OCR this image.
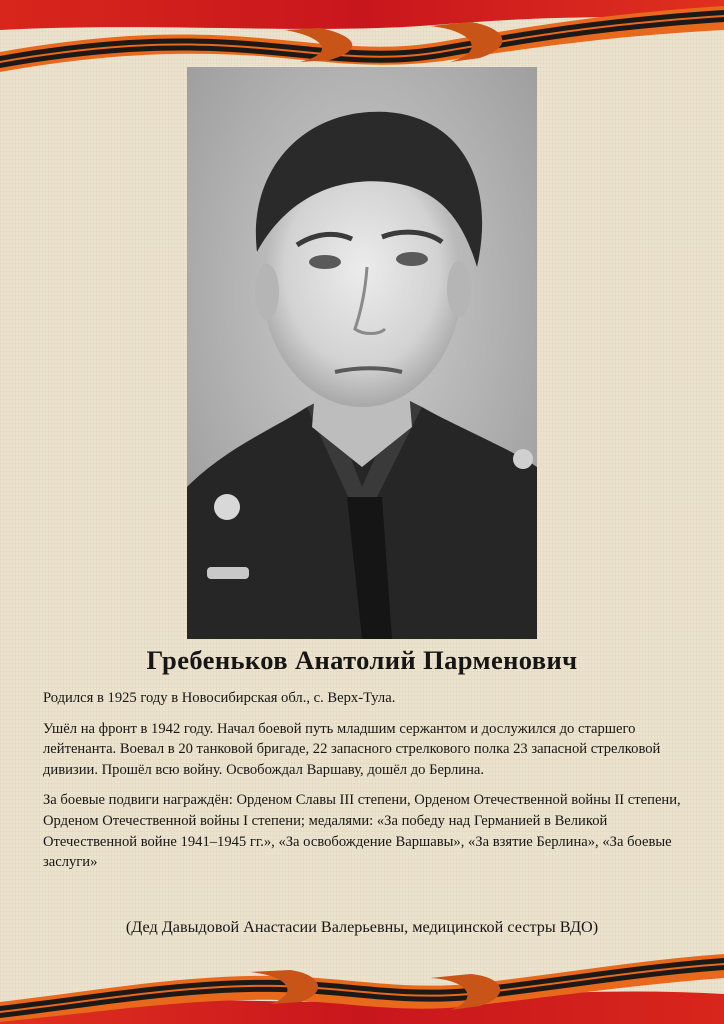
Гребеньков Анатолий Парменович

Родился в 1925 году в Новосибирская обл., с. Верх-Тула.

Ушёл на фронт в 1942 году. Начал боевой путь младшим сержантом и дослужился до старшего лейтенанта. Воевал в 20 танковой бригаде, 22 запасного стрелкового полка 23 запасной стрелковой дивизии. Прошёл всю войну. Освобождал Варшаву, дошёл до Берлина.

За боевые подвиги награждён: Орденом Славы III степени, Орденом Отечественной войны II степени, Орденом Отечественной войны I степени; медалями: «За победу над Германией в Великой Отечественной войне 1941–1945 гг.», «За освобождение Варшавы», «За взятие Берлина», «За боевые заслуги»

(Дед Давыдовой Анастасии Валерьевны, медицинской сестры ВДО)
